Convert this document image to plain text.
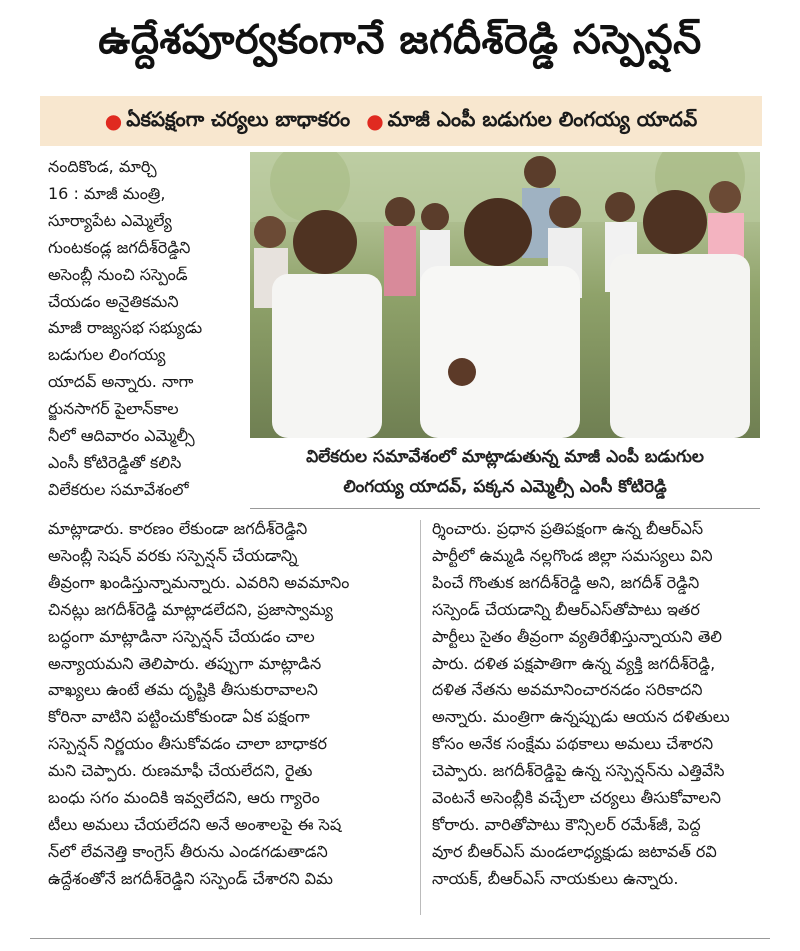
ఉద్దేశపూర్వకంగానే జగదీశ్‌రెడ్డి సస్పెన్షన్
● ఏకపక్షంగా చర్యలు బాధాకరం ● మాజీ ఎంపీ బడుగుల లింగయ్య యాదవ్
విలేకరుల సమావేశంలో మాట్లాడుతున్న మాజీ ఎంపీ బడుగుల
లింగయ్య యాదవ్, పక్కన ఎమ్మెల్సీ ఎంసీ కోటిరెడ్డి
నందికొండ, మార్చి
16 : మాజీ మంత్రి,
సూర్యాపేట ఎమ్మెల్యే
గుంటకండ్ల జగదీశ్‌రెడ్డిని
అసెంబ్లీ నుంచి సస్పెండ్
చేయడం అనైతికమని
మాజీ రాజ్యసభ సభ్యుడు
బడుగుల లింగయ్య
యాదవ్ అన్నారు. నాగా
ర్జునసాగర్ పైలాన్‌కాల
నీలో ఆదివారం ఎమ్మెల్సీ
ఎంసీ కోటిరెడ్డితో కలిసి
విలేకరుల సమావేశంలో
మాట్లాడారు. కారణం లేకుండా జగదీశ్‌రెడ్డిని
అసెంబ్లీ సెషన్ వరకు సస్పెన్షన్ చేయడాన్ని
తీవ్రంగా ఖండిస్తున్నామన్నారు. ఎవరిని అవమానిం
చినట్లు జగదీశ్‌రెడ్డి మాట్లాడలేదని, ప్రజాస్వామ్య
బద్ధంగా మాట్లాడినా సస్పెన్షన్ చేయడం చాల
అన్యాయమని తెలిపారు. తప్పుగా మాట్లాడిన
వాఖ్యలు ఉంటే తమ దృష్టికి తీసుకురావాలని
కోరినా వాటిని పట్టించుకోకుండా ఏక పక్షంగా
సస్పెన్షన్ నిర్ణయం తీసుకోవడం చాలా బాధాకర
మని చెప్పారు. రుణమాఫీ చేయలేదని, రైతు
బంధు సగం మందికి ఇవ్వలేదని, ఆరు గ్యారెం
టీలు అమలు చేయలేదని అనే అంశాలపై ఈ సెష
న్‌లో లేవనెత్తి కాంగ్రెస్ తీరును ఎండగడుతాడని
ఉద్దేశంతోనే జగదీశ్‌రెడ్డిని సస్పెండ్ చేశారని విమ
ర్శించారు. ప్రధాన ప్రతిపక్షంగా ఉన్న బీఆర్‌ఎస్
పార్టీలో ఉమ్మడి నల్లగొండ జిల్లా సమస్యలు విని
పించే గొంతుక జగదీశ్‌రెడ్డి అని, జగదీశ్ రెడ్డిని
సస్పెండ్ చేయడాన్ని బీఆర్‌ఎస్‌తోపాటు ఇతర
పార్టీలు సైతం తీవ్రంగా వ్యతిరేఖిస్తున్నాయని తెలి
పారు. దళిత పక్షపాతిగా ఉన్న వ్యక్తి జగదీశ్‌రెడ్డి,
దళిత నేతను అవమానించారనడం సరికాదని
అన్నారు. మంత్రిగా ఉన్నప్పుడు ఆయన దళితులు
కోసం అనేక సంక్షేమ పథకాలు అమలు చేశారని
చెప్పారు. జగదీశ్‌రెడ్డిపై ఉన్న సస్పెన్షన్‌ను ఎత్తివేసి
వెంటనే అసెంబ్లీకి వచ్చేలా చర్యలు తీసుకోవాలని
కోరారు. వారితోపాటు కౌన్సిలర్ రమేశ్‌జీ, పెద్ద
వూర బీఆర్‌ఎస్ మండలాధ్యక్షుడు జటావత్ రవి
నాయక్, బీఆర్‌ఎస్ నాయకులు ఉన్నారు.
